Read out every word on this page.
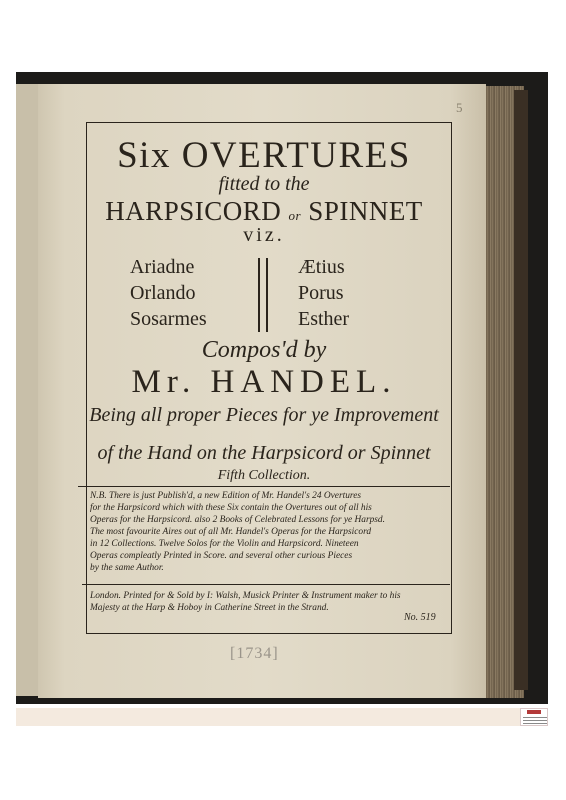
5
Six OVERTURES
fitted to the
HARPSICORD or SPINNET
viz.
Ariadne
Orlando
Sosarmes
Ætius
Porus
Esther
Compos'd by
Mr. HANDEL.
Being all proper Pieces for ye Improvement
of the Hand on the Harpsicord or Spinnet
Fifth Collection.

N.B. There is just Publish'd, a new Edition of Mr. Handel's 24 Overtures

for the Harpsicord which with these Six contain the Overtures out of all his

Operas for the Harpsicord. also 2 Books of Celebrated Lessons for ye Harpsd.

The most favourite Aires out of all Mr. Handel's Operas for the Harpsicord

in 12 Collections. Twelve Solos for the Violin and Harpsicord. Nineteen

Operas compleatly Printed in Score. and several other curious Pieces

by the same Author.

London. Printed for & Sold by I: Walsh, Musick Printer & Instrument maker to his

Majesty at the Harp & Hoboy in Catherine Street in the Strand.

No. 519
[1734]
